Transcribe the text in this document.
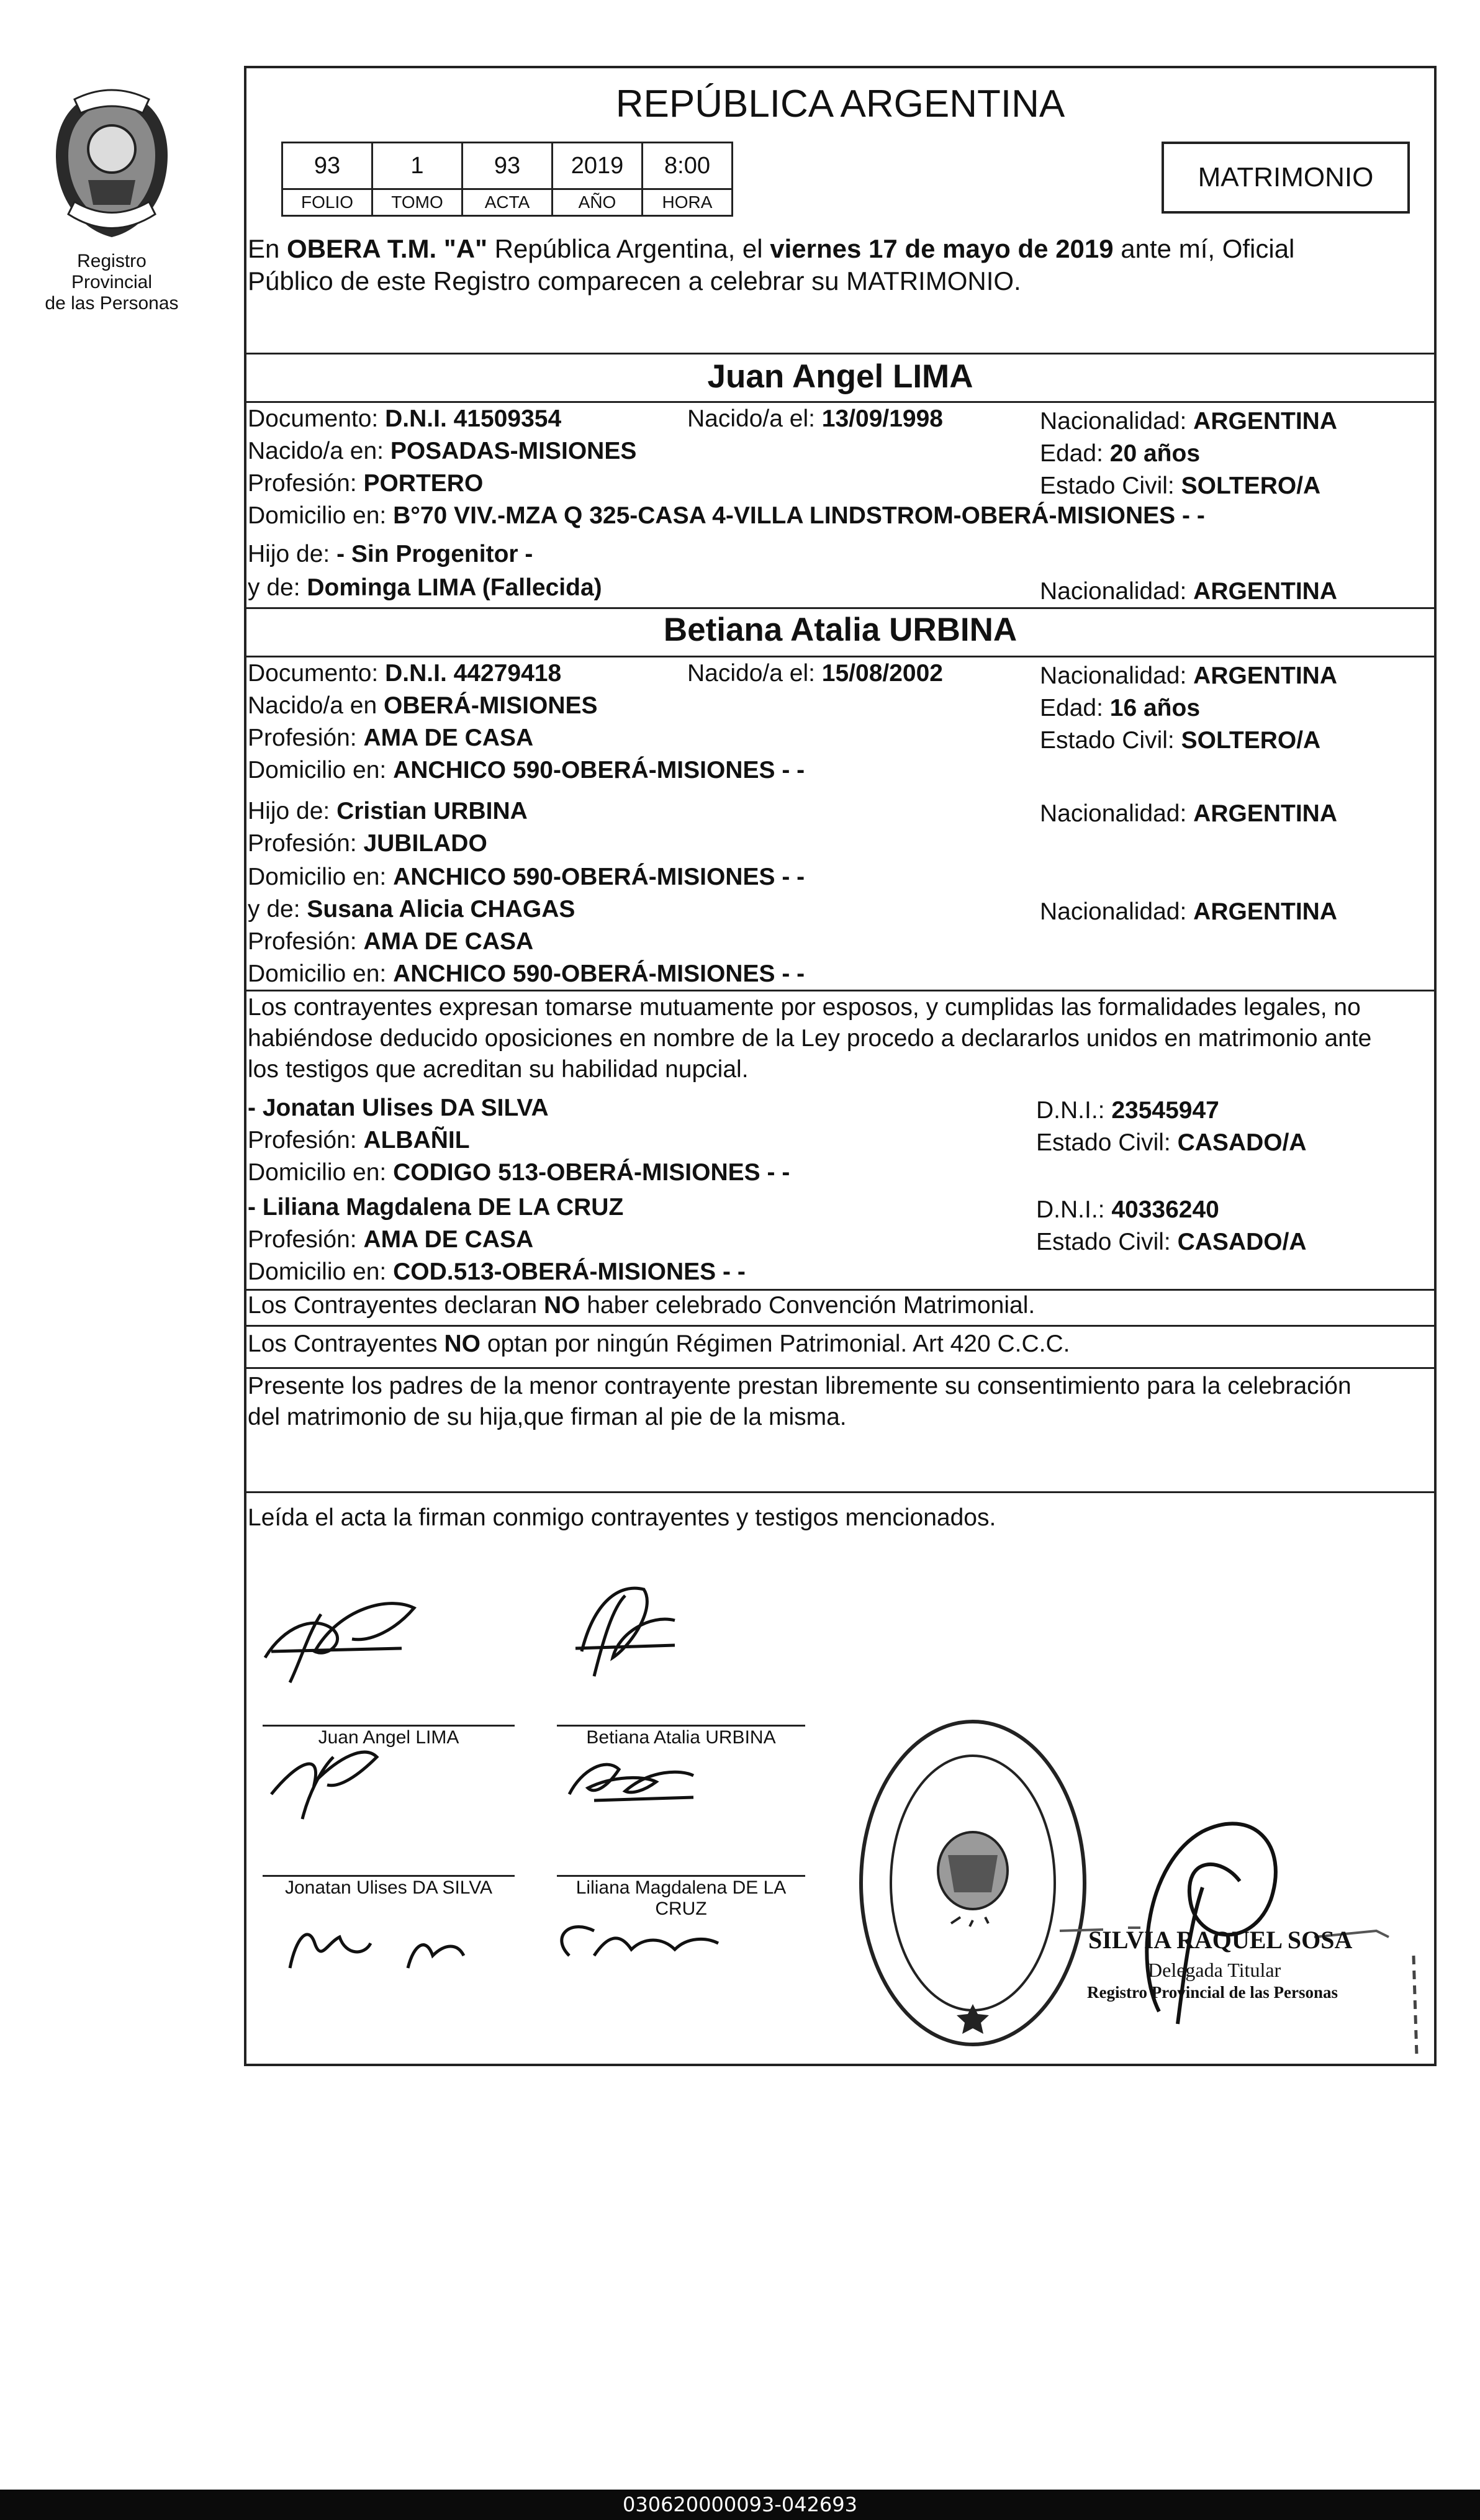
Registro Provincial
de las Personas
REPÚBLICA ARGENTINA
93	1	93	2019	8:00
FOLIO	TOMO	ACTA	AÑO	HORA
MATRIMONIO
En OBERA T.M. "A" República Argentina, el viernes 17 de mayo de 2019 ante mí, Oficial
Público de este Registro comparecen a celebrar su MATRIMONIO.
Juan Angel LIMA
Documento: D.N.I. 41509354	Nacido/a el: 13/09/1998	Nacionalidad: ARGENTINA
Nacido/a en: POSADAS-MISIONES	Edad: 20 años
Profesión: PORTERO	Estado Civil: SOLTERO/A
Domicilio en: B°70 VIV.-MZA Q 325-CASA 4-VILLA LINDSTROM-OBERÁ-MISIONES - -
Hijo de: - Sin Progenitor -
y de: Dominga LIMA (Fallecida)	Nacionalidad: ARGENTINA
Betiana Atalia URBINA
Documento: D.N.I. 44279418	Nacido/a el: 15/08/2002	Nacionalidad: ARGENTINA
Nacido/a en OBERÁ-MISIONES	Edad: 16 años
Profesión: AMA DE CASA	Estado Civil: SOLTERO/A
Domicilio en: ANCHICO 590-OBERÁ-MISIONES - -
Hijo de: Cristian URBINA	Nacionalidad: ARGENTINA
Profesión: JUBILADO
Domicilio en: ANCHICO 590-OBERÁ-MISIONES - -
y de: Susana Alicia CHAGAS	Nacionalidad: ARGENTINA
Profesión: AMA DE CASA
Domicilio en: ANCHICO 590-OBERÁ-MISIONES - -
Los contrayentes expresan tomarse mutuamente por esposos, y cumplidas las formalidades legales, no
habiéndose deducido oposiciones en nombre de la Ley procedo a declararlos unidos en matrimonio ante
los testigos que acreditan su habilidad nupcial.
- Jonatan Ulises DA SILVA	D.N.I.: 23545947
Profesión: ALBAÑIL	Estado Civil: CASADO/A
Domicilio en: CODIGO 513-OBERÁ-MISIONES - -
- Liliana Magdalena DE LA CRUZ	D.N.I.: 40336240
Profesión: AMA DE CASA	Estado Civil: CASADO/A
Domicilio en: COD.513-OBERÁ-MISIONES - -
Los Contrayentes declaran NO haber celebrado Convención Matrimonial.
Los Contrayentes NO optan por ningún Régimen Patrimonial. Art 420 C.C.C.
Presente los padres de la menor contrayente prestan libremente su consentimiento para la celebración
del matrimonio de su hija,que firman al pie de la misma.
Leída el acta la firman conmigo contrayentes y testigos mencionados.
Juan Angel LIMA	Betiana Atalia URBINA
Jonatan Ulises DA SILVA	Liliana Magdalena DE LA
CRUZ
SILVIA RAQUEL SOSA
Delegada Titular
Registro Provincial de las Personas
030620000093-042693
